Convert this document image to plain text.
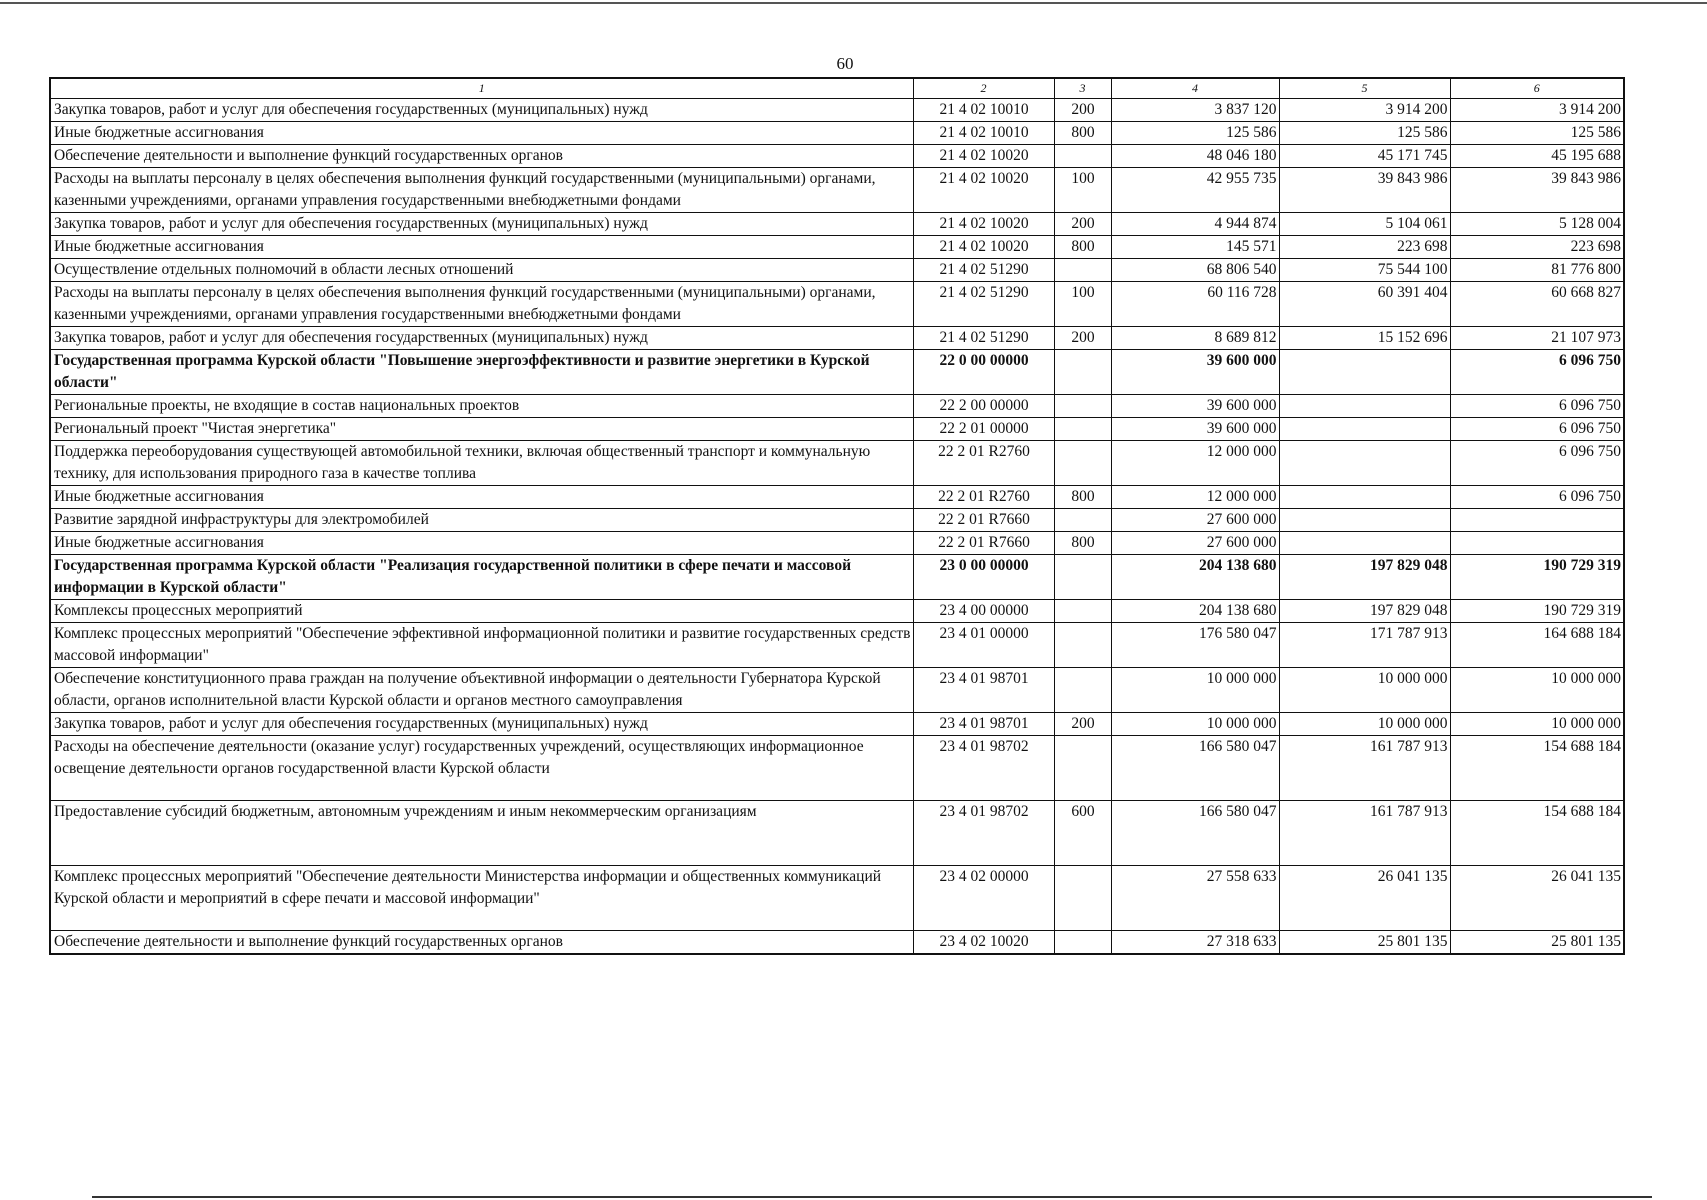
60
1	2	3	4	5	6
Закупка товаров, работ и услуг для обеспечения государственных (муниципальных) нужд	21 4 02 10010	200	3 837 120	3 914 200	3 914 200
Иные бюджетные ассигнования	21 4 02 10010	800	125 586	125 586	125 586
Обеспечение деятельности и выполнение функций государственных органов	21 4 02 10020		48 046 180	45 171 745	45 195 688
Расходы на выплаты персоналу в целях обеспечения выполнения функций государственными (муниципальными) органами, казенными учреждениями, органами управления государственными внебюджетными фондами	21 4 02 10020	100	42 955 735	39 843 986	39 843 986
Закупка товаров, работ и услуг для обеспечения государственных (муниципальных) нужд	21 4 02 10020	200	4 944 874	5 104 061	5 128 004
Иные бюджетные ассигнования	21 4 02 10020	800	145 571	223 698	223 698
Осуществление отдельных полномочий в области лесных отношений	21 4 02 51290		68 806 540	75 544 100	81 776 800
Расходы на выплаты персоналу в целях обеспечения выполнения функций государственными (муниципальными) органами, казенными учреждениями, органами управления государственными внебюджетными фондами	21 4 02 51290	100	60 116 728	60 391 404	60 668 827
Закупка товаров, работ и услуг для обеспечения государственных (муниципальных) нужд	21 4 02 51290	200	8 689 812	15 152 696	21 107 973
Государственная программа Курской области "Повышение энергоэффективности и развитие энергетики в Курской области"	22 0 00 00000		39 600 000		6 096 750
Региональные проекты, не входящие в состав национальных проектов	22 2 00 00000		39 600 000		6 096 750
Региональный проект "Чистая энергетика"	22 2 01 00000		39 600 000		6 096 750
Поддержка переоборудования существующей автомобильной техники, включая общественный транспорт и коммунальную технику, для использования природного газа в качестве топлива	22 2 01 R2760		12 000 000		6 096 750
Иные бюджетные ассигнования	22 2 01 R2760	800	12 000 000		6 096 750
Развитие зарядной инфраструктуры для электромобилей	22 2 01 R7660		27 600 000		
Иные бюджетные ассигнования	22 2 01 R7660	800	27 600 000		
Государственная программа Курской области "Реализация государственной политики в сфере печати и массовой информации в Курской области"	23 0 00 00000		204 138 680	197 829 048	190 729 319
Комплексы процессных мероприятий	23 4 00 00000		204 138 680	197 829 048	190 729 319
Комплекс процессных мероприятий "Обеспечение эффективной информационной политики и развитие государственных средств массовой информации"	23 4 01 00000		176 580 047	171 787 913	164 688 184
Обеспечение конституционного права граждан на получение объективной информации о деятельности Губернатора Курской области, органов исполнительной власти Курской области и органов местного самоуправления	23 4 01 98701		10 000 000	10 000 000	10 000 000
Закупка товаров, работ и услуг для обеспечения государственных (муниципальных) нужд	23 4 01 98701	200	10 000 000	10 000 000	10 000 000
Расходы на обеспечение деятельности (оказание услуг) государственных учреждений, осуществляющих информационное освещение деятельности органов государственной власти Курской области	23 4 01 98702		166 580 047	161 787 913	154 688 184
Предоставление субсидий бюджетным, автономным учреждениям и иным некоммерческим организациям	23 4 01 98702	600	166 580 047	161 787 913	154 688 184
Комплекс процессных мероприятий "Обеспечение деятельности Министерства информации и общественных коммуникаций Курской области и мероприятий в сфере печати и массовой информации"	23 4 02 00000		27 558 633	26 041 135	26 041 135
Обеспечение деятельности и выполнение функций государственных органов	23 4 02 10020		27 318 633	25 801 135	25 801 135
